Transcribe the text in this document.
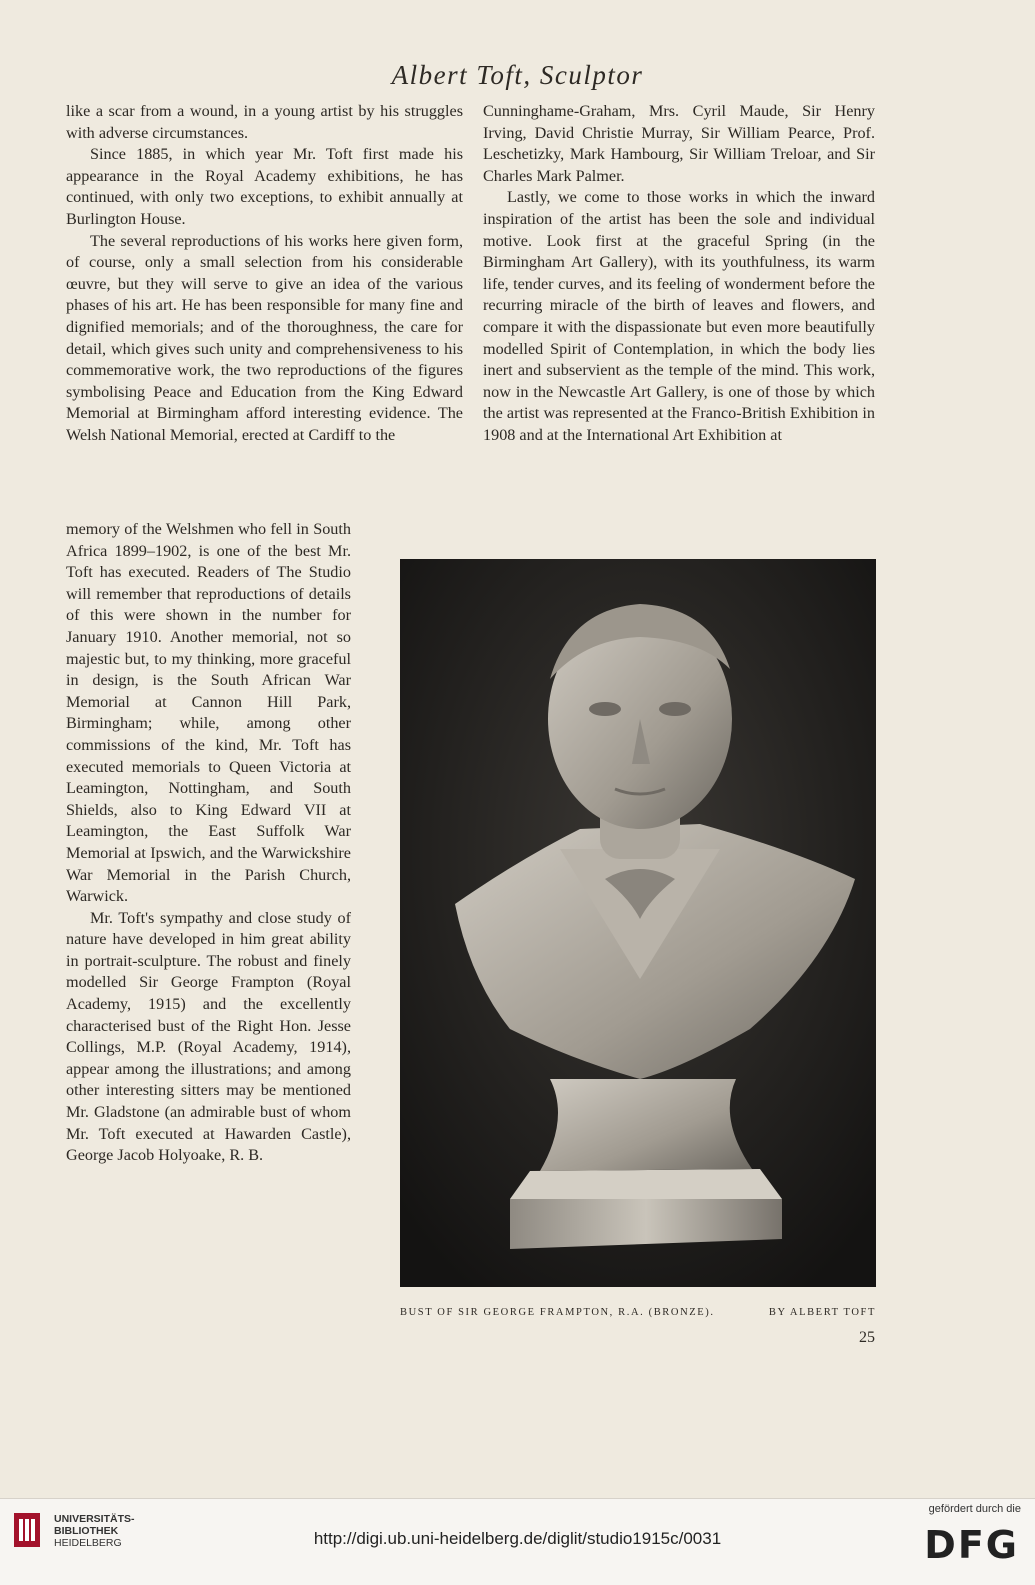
Albert Toft, Sculptor

like a scar from a wound, in a young artist by his struggles with adverse circumstances.

Since 1885, in which year Mr. Toft first made his appearance in the Royal Academy exhibitions, he has continued, with only two exceptions, to exhibit annually at Burlington House.

The several reproductions of his works here given form, of course, only a small selection from his considerable œuvre, but they will serve to give an idea of the various phases of his art. He has been responsible for many fine and dignified memorials; and of the thoroughness, the care for detail, which gives such unity and comprehensiveness to his commemorative work, the two reproductions of the figures symbolising Peace and Education from the King Edward Memorial at Birmingham afford interesting evidence. The Welsh National Memorial, erected at Cardiff to the

memory of the Welshmen who fell in South Africa 1899–1902, is one of the best Mr. Toft has executed. Readers of The Studio will remember that reproductions of details of this were shown in the number for January 1910. Another memorial, not so majestic but, to my thinking, more graceful in design, is the South African War Memorial at Cannon Hill Park, Birmingham; while, among other commissions of the kind, Mr. Toft has executed memorials to Queen Victoria at Leamington, Nottingham, and South Shields, also to King Edward VII at Leamington, the East Suffolk War Memorial at Ipswich, and the Warwickshire War Memorial in the Parish Church, Warwick.

Mr. Toft's sympathy and close study of nature have developed in him great ability in portrait-sculpture. The robust and finely modelled Sir George Frampton (Royal Academy, 1915) and the excellently characterised bust of the Right Hon. Jesse Collings, M.P. (Royal Academy, 1914), appear among the illustrations; and among other interesting sitters may be mentioned Mr. Gladstone (an admirable bust of whom Mr. Toft executed at Hawarden Castle), George Jacob Holyoake, R. B.

Cunninghame-Graham, Mrs. Cyril Maude, Sir Henry Irving, David Christie Murray, Sir William Pearce, Prof. Leschetizky, Mark Hambourg, Sir William Treloar, and Sir Charles Mark Palmer.

Lastly, we come to those works in which the inward inspiration of the artist has been the sole and individual motive. Look first at the graceful Spring (in the Birmingham Art Gallery), with its youthfulness, its warm life, tender curves, and its feeling of wonderment before the recurring miracle of the birth of leaves and flowers, and compare it with the dispassionate but even more beautifully modelled Spirit of Contemplation, in which the body lies inert and subservient as the temple of the mind. This work, now in the Newcastle Art Gallery, is one of those by which the artist was represented at the Franco-British Exhibition in 1908 and at the International Art Exhibition at

BUST OF SIR GEORGE FRAMPTON, R.A. (BRONZE).	BY ALBERT TOFT
25
UNIVERSITÄTS-
BIBLIOTHEK
HEIDELBERG	http://digi.ub.uni-heidelberg.de/diglit/studio1915c/0031
gefördert durch die
DFG
